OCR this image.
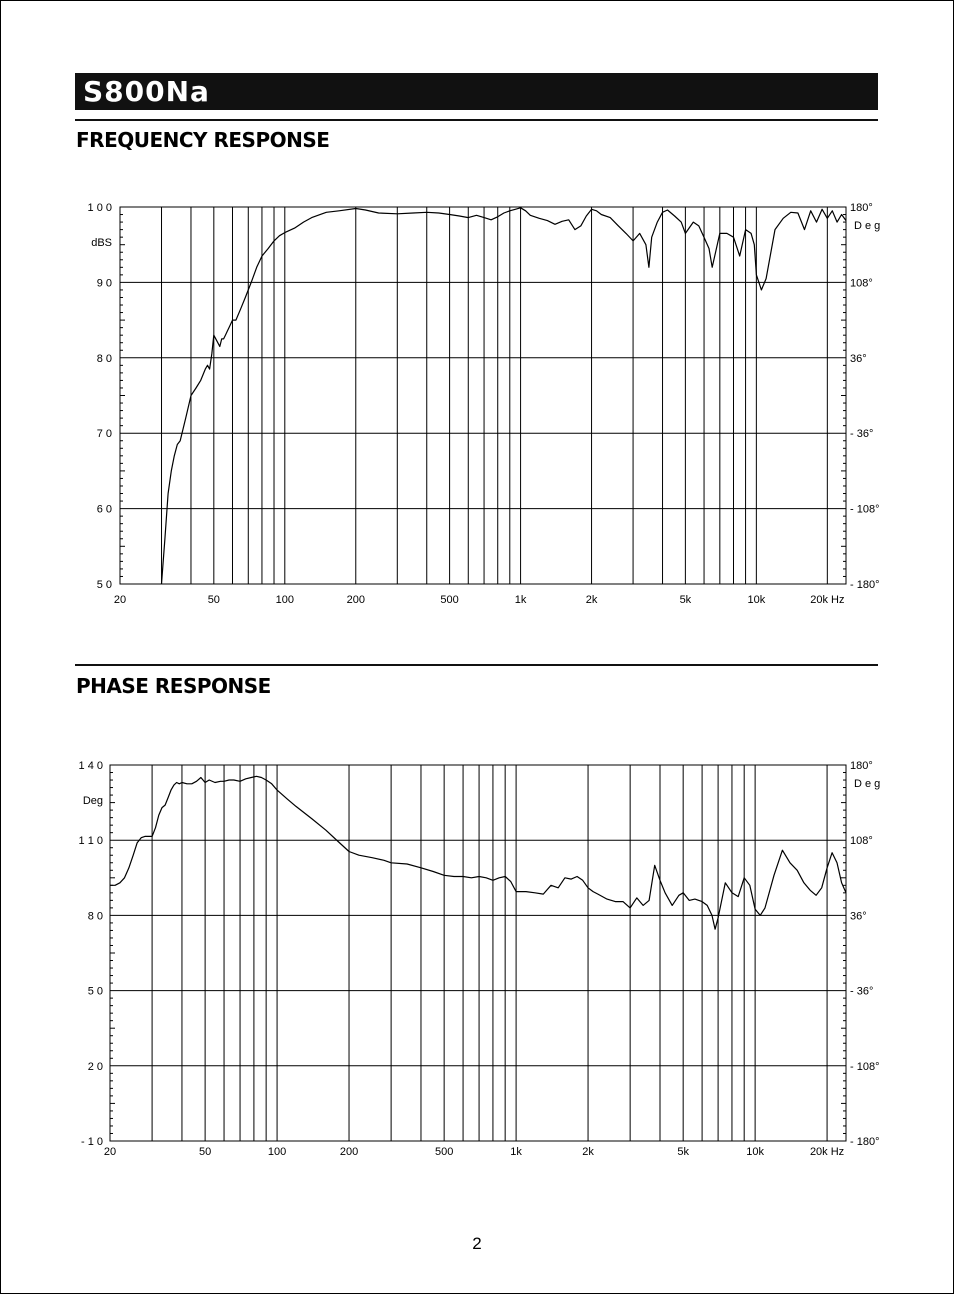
S800Na
FREQUENCY RESPONSE
5 0
6 0
7 0
8 0
9 0
1 0 0
- 180°
- 108°
- 36°
36°
108°
180°
dBS
D e g
20	50	100	200	500	1k	2k	5k	10k	20k Hz
PHASE RESPONSE
- 1 0
2 0
5 0
8 0
1 1 0
1 4 0
- 180°
- 108°
- 36°
36°
108°
180°
Deg
D e g
20	50	100	200	500	1k	2k	5k	10k	20k Hz
2
